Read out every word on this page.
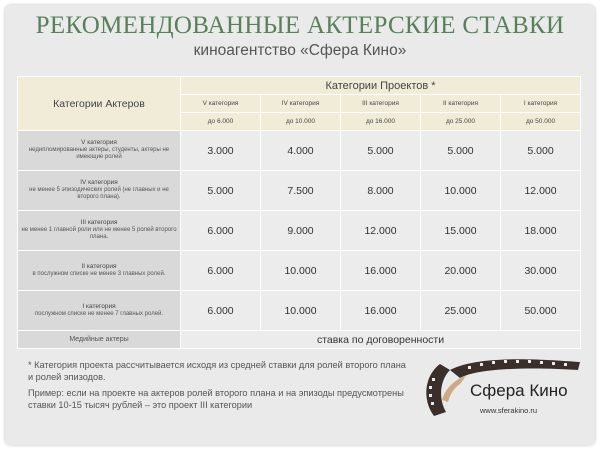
РЕКОМЕНДОВАННЫЕ АКТЕРСКИЕ СТАВКИ
киноагентство «Сфера Кино»
Категории Актеров	Категории Проектов *				
	V категория	IV категория	III категория	II категория	I категория
	до 6.000	до 10.000	до 16.000	до 25.000	до 50.000

V категория
недипломированные актеры, студенты, актеры не имеющие ролей	3.000	4.000	5.000	5.000	5.000

IV категория
не менее 5 эпизодических ролей (не главных и не второго плана).	5.000	7.500	8.000	10.000	12.000

III категория
не менее 1 главной роли или не менее 5 ролей второго плана.	6.000	9.000	12.000	15.000	18.000

II категория
в послужном списке не менее 3 главных ролей.	6.000	10.000	16.000	20.000	30.000

I категория
послужном списке не менее 7 главных ролей.	6.000	10.000	16.000	25.000	50.000
Медийные актеры	ставка по договоренности				

* Категория проекта рассчитывается исходя из средней ставки для ролей второго плана и ролей эпизодов.

Пример: если на проекте на актеров ролей второго плана и на эпизоды предусмотрены ставки 10-15 тысяч рублей – это проект III категории

Сфера Кино
www.sferakino.ru
